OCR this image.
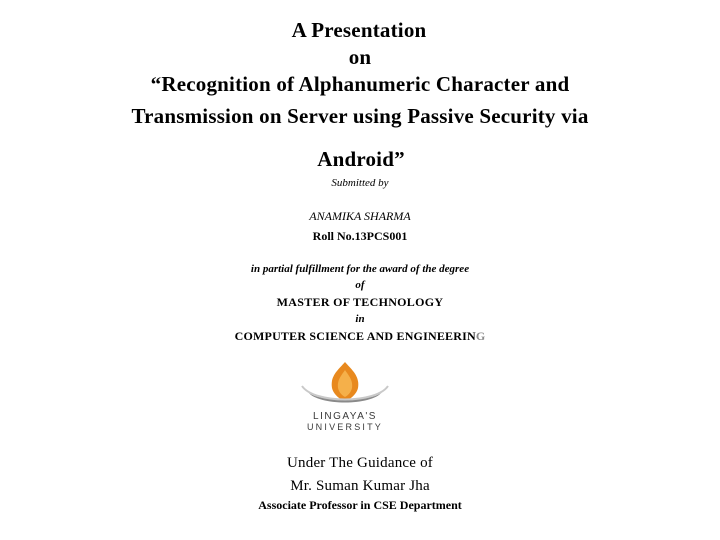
A Presentation
on
“Recognition of Alphanumeric Character and
Transmission on Server using Passive Security via
Android”
Submitted by
ANAMIKA SHARMA
Roll No.13PCS001
in partial fulfillment for the award of the degree
of
MASTER OF TECHNOLOGY
in
COMPUTER SCIENCE AND ENGINEERING
LINGAYA'S
UNIVERSITY
Under The Guidance of
Mr. Suman Kumar Jha
Associate Professor in CSE Department
